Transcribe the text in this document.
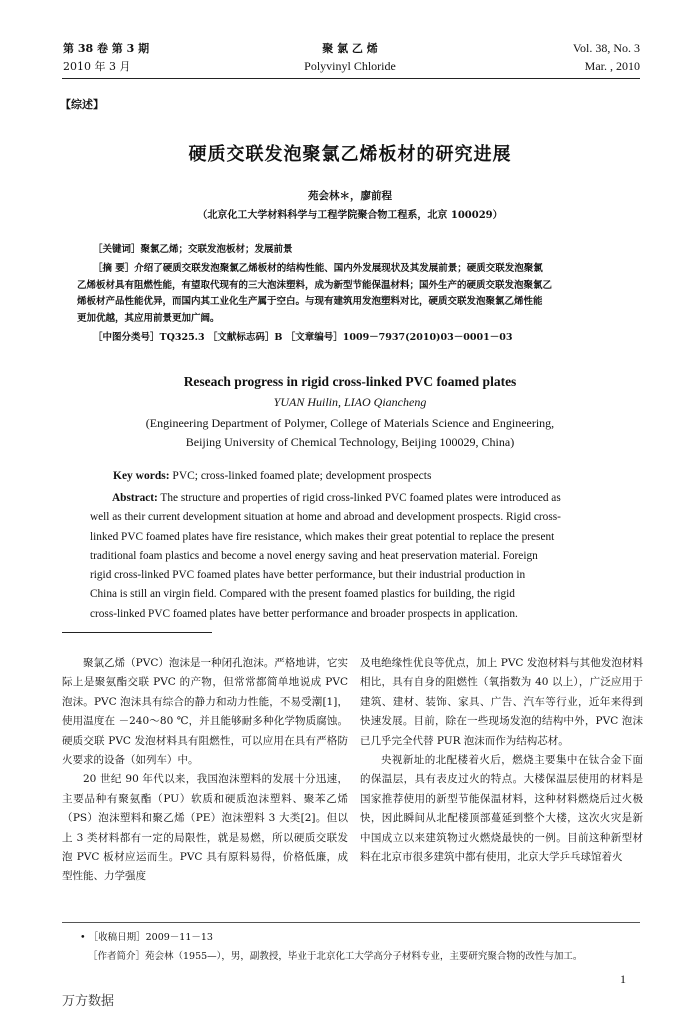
第 38 卷 第 3 期
2010 年 3 月
聚 氯 乙 烯
Polyvinyl Chloride
Vol. 38, No. 3
Mar. , 2010
【综述】
硬质交联发泡聚氯乙烯板材的研究进展
苑会林＊，廖前程
（北京化工大学材料科学与工程学院聚合物工程系，北京 100029）
［关键词］聚氯乙烯；交联发泡板材；发展前景
［摘 要］介绍了硬质交联发泡聚氯乙烯板材的结构性能、国内外发展现状及其发展前景；硬质交联发泡聚氯
乙烯板材具有阻燃性能，有望取代现有的三大泡沫塑料，成为新型节能保温材料；国外生产的硬质交联发泡聚氯乙
烯板材产品性能优异，而国内其工业化生产属于空白。与现有建筑用发泡塑料对比，硬质交联发泡聚氯乙烯性能
更加优越，其应用前景更加广阔。
［中图分类号］TQ325.3 ［文献标志码］B ［文章编号］1009－7937(2010)03－0001－03
Reseach progress in rigid cross-linked PVC foamed plates
YUAN Huilin, LIAO Qiancheng
(Engineering Department of Polymer, College of Materials Science and Engineering,
Beijing University of Chemical Technology, Beijing 100029, China)
Key words: PVC; cross-linked foamed plate; development prospects
Abstract: The structure and properties of rigid cross-linked PVC foamed plates were introduced as
well as their current development situation at home and abroad and development prospects. Rigid cross-
linked PVC foamed plates have fire resistance, which makes their great potential to replace the present
traditional foam plastics and become a novel energy saving and heat preservation material. Foreign
rigid cross-linked PVC foamed plates have better performance, but their industrial production in
China is still an virgin field. Compared with the present foamed plastics for building, the rigid
cross-linked PVC foamed plates have better performance and broader prospects in application.

聚氯乙烯（PVC）泡沫是一种闭孔泡沫。严格地讲，它实际上是聚氨酯交联 PVC 的产物，但常常都简单地说成 PVC 泡沫。PVC 泡沫具有综合的静力和动力性能，不易受潮[1]，使用温度在 －240～80 ℃，并且能够耐多种化学物质腐蚀。硬质交联 PVC 发泡材料具有阻燃性，可以应用在具有严格防火要求的设备（如列车）中。

20 世纪 90 年代以来，我国泡沫塑料的发展十分迅速，主要品种有聚氨酯（PU）软质和硬质泡沫塑料、聚苯乙烯（PS）泡沫塑料和聚乙烯（PE）泡沫塑料 3 大类[2]。但以上 3 类材料都有一定的局限性，就是易燃，所以硬质交联发泡 PVC 板材应运而生。PVC 具有原料易得，价格低廉，成型性能、力学强度

及电绝缘性优良等优点，加上 PVC 发泡材料与其他发泡材料相比，具有自身的阻燃性（氧指数为 40 以上），广泛应用于建筑、建材、装饰、家具、广告、汽车等行业，近年来得到快速发展。目前，除在一些现场发泡的结构中外，PVC 泡沫已几乎完全代替 PUR 泡沫而作为结构芯材。

央视新址的北配楼着火后，燃烧主要集中在钛合金下面的保温层，具有表皮过火的特点。大楼保温层使用的材料是国家推荐使用的新型节能保温材料，这种材料燃烧后过火极快，因此瞬间从北配楼顶部蔓延到整个大楼，这次火灾是新中国成立以来建筑物过火燃烧最快的一例。目前这种新型材料在北京市很多建筑中都有使用，北京大学乒乓球馆着火

• ［收稿日期］2009－11－13
［作者简介］苑会林（1955—），男，副教授，毕业于北京化工大学高分子材料专业，主要研究聚合物的改性与加工。
1
万方数据
